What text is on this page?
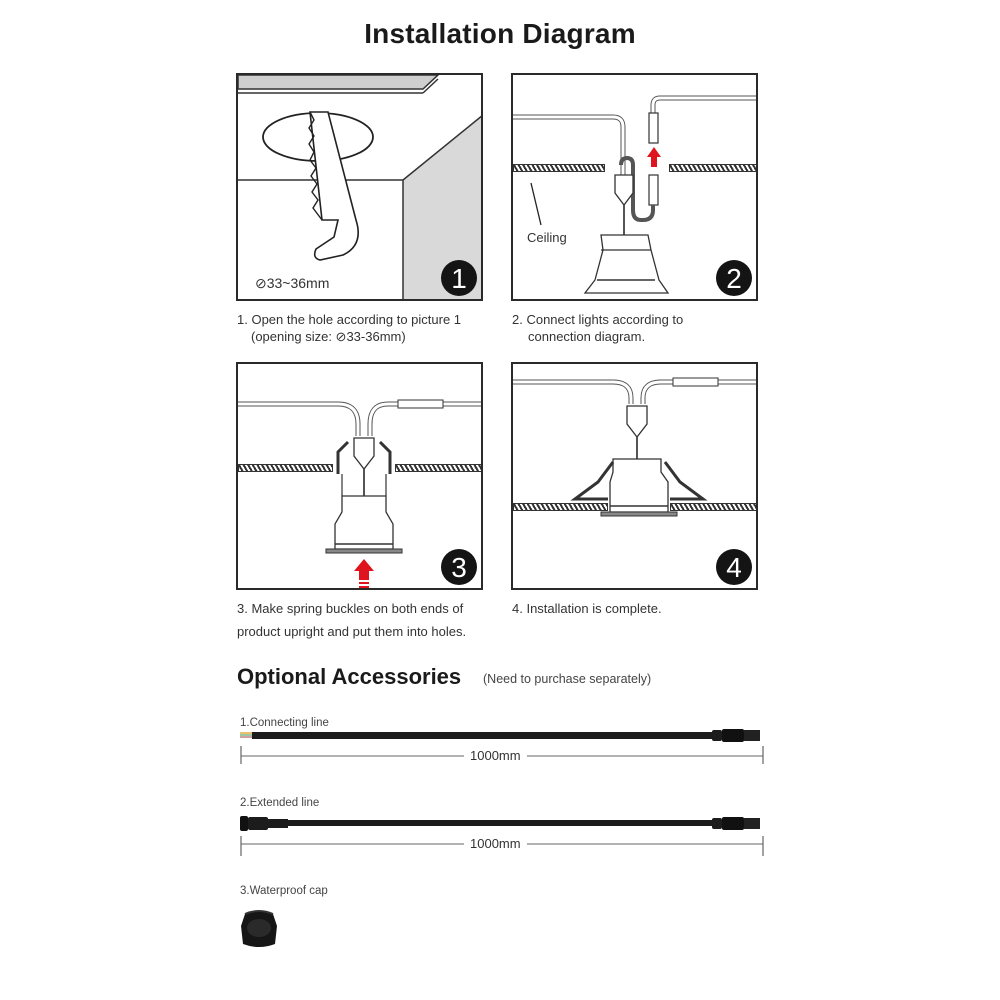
Installation Diagram
⊘33~36mm	1
1. Open the hole according to picture 1
(opening size: ⊘33-36mm)
Ceiling
2
2. Connect lights according to
connection diagram.
3
3. Make spring buckles on both ends of
product upright and put them into holes.
4
4. Installation is complete.
Optional Accessories (Need to purchase separately)
1.Connecting line
1000mm
2.Extended line
1000mm
3.Waterproof cap
